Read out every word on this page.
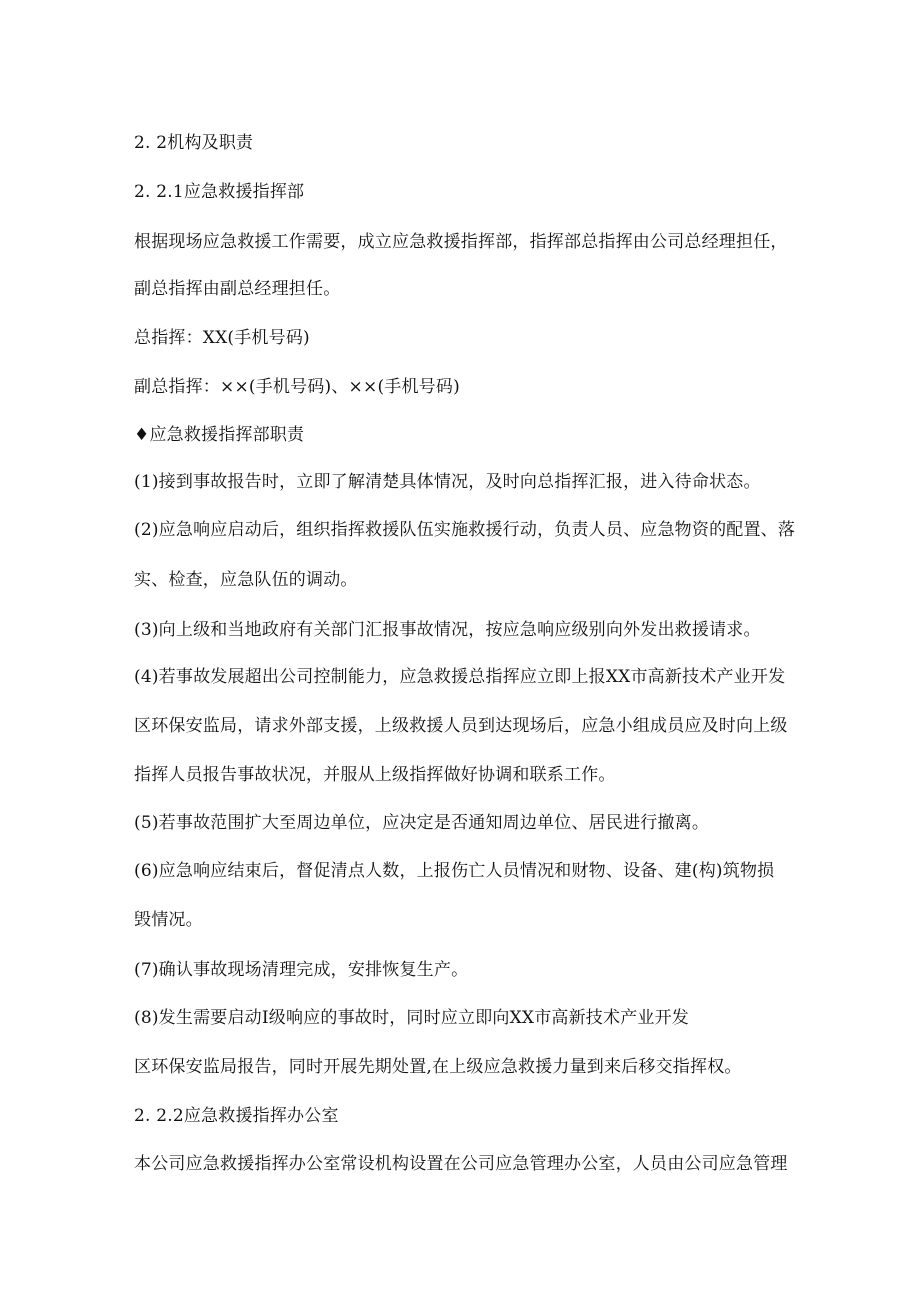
2. 2机构及职责
2. 2.1应急救援指挥部
根据现场应急救援工作需要，成立应急救援指挥部，指挥部总指挥由公司总经理担任，
副总指挥由副总经理担任。
总指挥：XX(手机号码)
副总指挥：××(手机号码)、××(手机号码)
♦应急救援指挥部职责
(1)接到事故报告时，立即了解清楚具体情况，及时向总指挥汇报，进入待命状态。
(2)应急响应启动后，组织指挥救援队伍实施救援行动，负责人员、应急物资的配置、落
实、检查，应急队伍的调动。
(3)向上级和当地政府有关部门汇报事故情况，按应急响应级别向外发出救援请求。
(4)若事故发展超出公司控制能力，应急救援总指挥应立即上报XX市高新技术产业开发
区环保安监局，请求外部支援，上级救援人员到达现场后，应急小组成员应及时向上级
指挥人员报告事故状况，并服从上级指挥做好协调和联系工作。
(5)若事故范围扩大至周边单位，应决定是否通知周边单位、居民进行撤离。
(6)应急响应结束后，督促清点人数，上报伤亡人员情况和财物、设备、建(构)筑物损
毁情况。
(7)确认事故现场清理完成，安排恢复生产。
(8)发生需要启动Ⅰ级响应的事故时，同时应立即向XX市高新技术产业开发
区环保安监局报告，同时开展先期处置,在上级应急救援力量到来后移交指挥权。
2. 2.2应急救援指挥办公室
本公司应急救援指挥办公室常设机构设置在公司应急管理办公室，人员由公司应急管理
